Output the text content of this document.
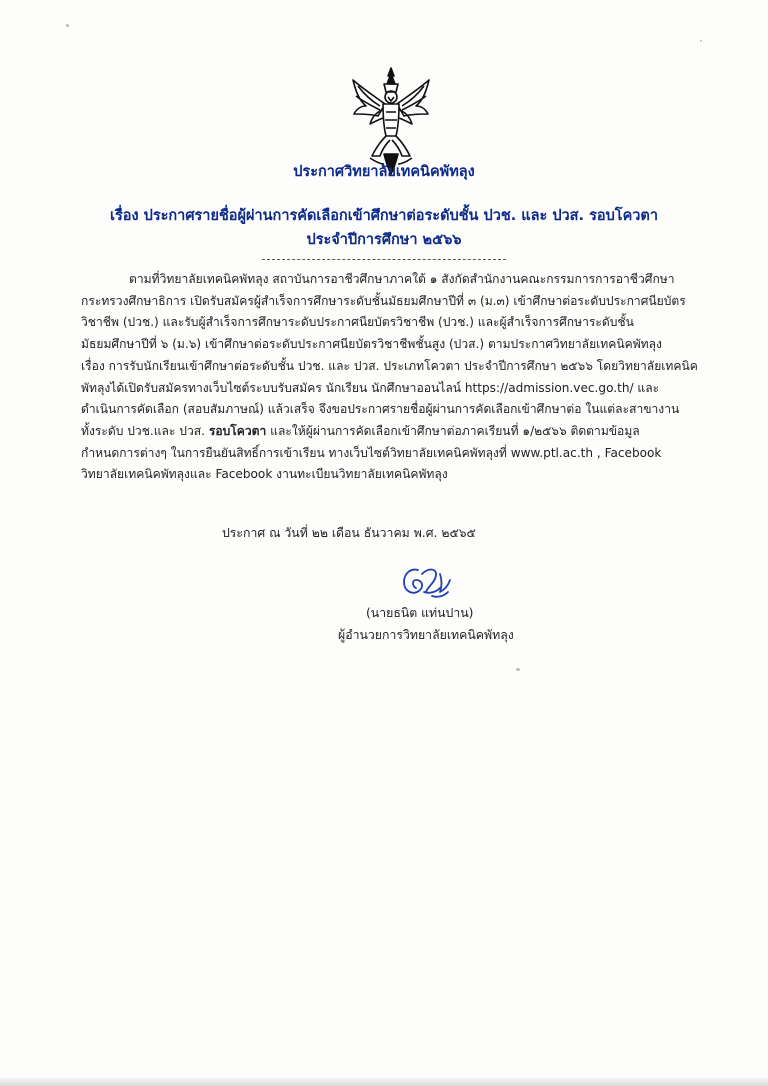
ประกาศวิทยาลัยเทคนิคพัทลุง
เรื่อง ประกาศรายชื่อผู้ผ่านการคัดเลือกเข้าศึกษาต่อระดับชั้น ปวช. และ ปวส. รอบโควตา
ประจำปีการศึกษา ๒๕๖๖

ตามที่วิทยาลัยเทคนิคพัทลุง สถาบันการอาชีวศึกษาภาคใต้ ๑ สังกัดสำนักงานคณะกรรมการการอาชีวศึกษา

กระทรวงศึกษาธิการ เปิดรับสมัครผู้สำเร็จการศึกษาระดับชั้นมัธยมศึกษาปีที่ ๓ (ม.๓) เข้าศึกษาต่อระดับประกาศนียบัตร

วิชาชีพ (ปวช.) และรับผู้สำเร็จการศึกษาระดับประกาศนียบัตรวิชาชีพ (ปวช.) และผู้สำเร็จการศึกษาระดับชั้น

มัธยมศึกษาปีที่ ๖ (ม.๖) เข้าศึกษาต่อระดับประกาศนียบัตรวิชาชีพชั้นสูง (ปวส.) ตามประกาศวิทยาลัยเทคนิคพัทลุง

เรื่อง การรับนักเรียนเข้าศึกษาต่อระดับชั้น ปวช. และ ปวส. ประเภทโควตา ประจำปีการศึกษา ๒๕๖๖ โดยวิทยาลัยเทคนิค

พัทลุงได้เปิดรับสมัครทางเว็บไซต์ระบบรับสมัคร นักเรียน นักศึกษาออนไลน์ https://admission.vec.go.th/ และ

ดำเนินการคัดเลือก (สอบสัมภาษณ์) แล้วเสร็จ จึงขอประกาศรายชื่อผู้ผ่านการคัดเลือกเข้าศึกษาต่อ ในแต่ละสาขางาน

ทั้งระดับ ปวช.และ ปวส. รอบโควตา และให้ผู้ผ่านการคัดเลือกเข้าศึกษาต่อภาคเรียนที่ ๑/๒๕๖๖ ติดตามข้อมูล

กำหนดการต่างๆ ในการยืนยันสิทธิ์การเข้าเรียน ทางเว็บไซต์วิทยาลัยเทคนิคพัทลุงที่ www.ptl.ac.th , Facebook

วิทยาลัยเทคนิคพัทลุงและ Facebook งานทะเบียนวิทยาลัยเทคนิคพัทลุง

ประกาศ ณ วันที่ ๒๒ เดือน ธันวาคม พ.ศ. ๒๕๖๕
(นายธนิต แท่นปาน)
ผู้อำนวยการวิทยาลัยเทคนิคพัทลุง
